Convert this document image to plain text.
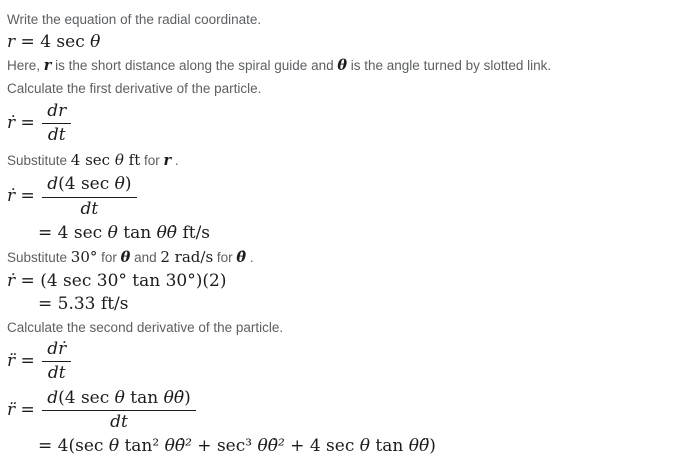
Write the equation of the radial coordinate.
r = 4 sec θ
Here, r is the short distance along the spiral guide and θ is the angle turned by slotted link.
Calculate the first derivative of the particle.
ṙ = $\frac{dr}{dt}$
Substitute 4 sec θ ft for r .
ṙ = $\frac{\text{d(4 sec θ)}}{dt}$
= 4 sec θ tan θθ̇ ft/s
Substitute 30° for θ and 2 rad/s for θ̇ .
ṙ = (4 sec 30° tan 30°)(2)
= 5.33 ft/s
Calculate the second derivative of the particle.
r̈ = $\frac{dṙ}{dt}$
r̈ = $\frac{\text{d(4 sec θ tan θθ̇)}}{dt}$
= 4(sec θ tan² θθ̇² + sec³ θθ̇² + 4 sec θ tan θθ̈)
